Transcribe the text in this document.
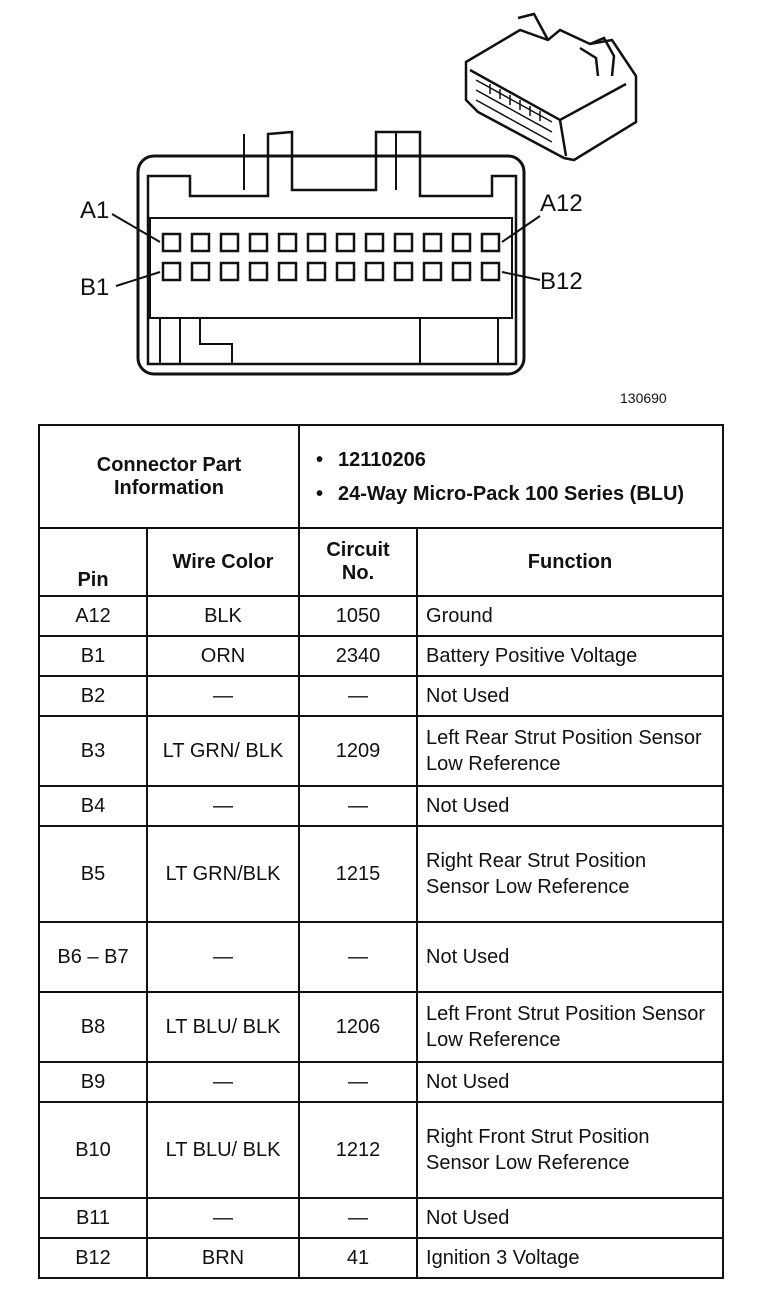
A1
B1
A12
B12
130690
Connector Part Information		• 12110206
• 24-Way Micro-Pack 100 Series (BLU)	

Pin	Wire Color	Circuit No.	Function
A12	BLK	1050	Ground
B1	ORN	2340	Battery Positive Voltage
B2	—	—	Not Used
B3	LT GRN/ BLK	1209	Left Rear Strut Position Sensor Low Reference
B4	—	—	Not Used
B5	LT GRN/BLK	1215	Right Rear Strut Position Sensor Low Reference
B6 – B7	—	—	Not Used
B8	LT BLU/ BLK	1206	Left Front Strut Position Sensor Low Reference
B9	—	—	Not Used
B10	LT BLU/ BLK	1212	Right Front Strut Position Sensor Low Reference
B11	—	—	Not Used
B12	BRN	41	Ignition 3 Voltage
